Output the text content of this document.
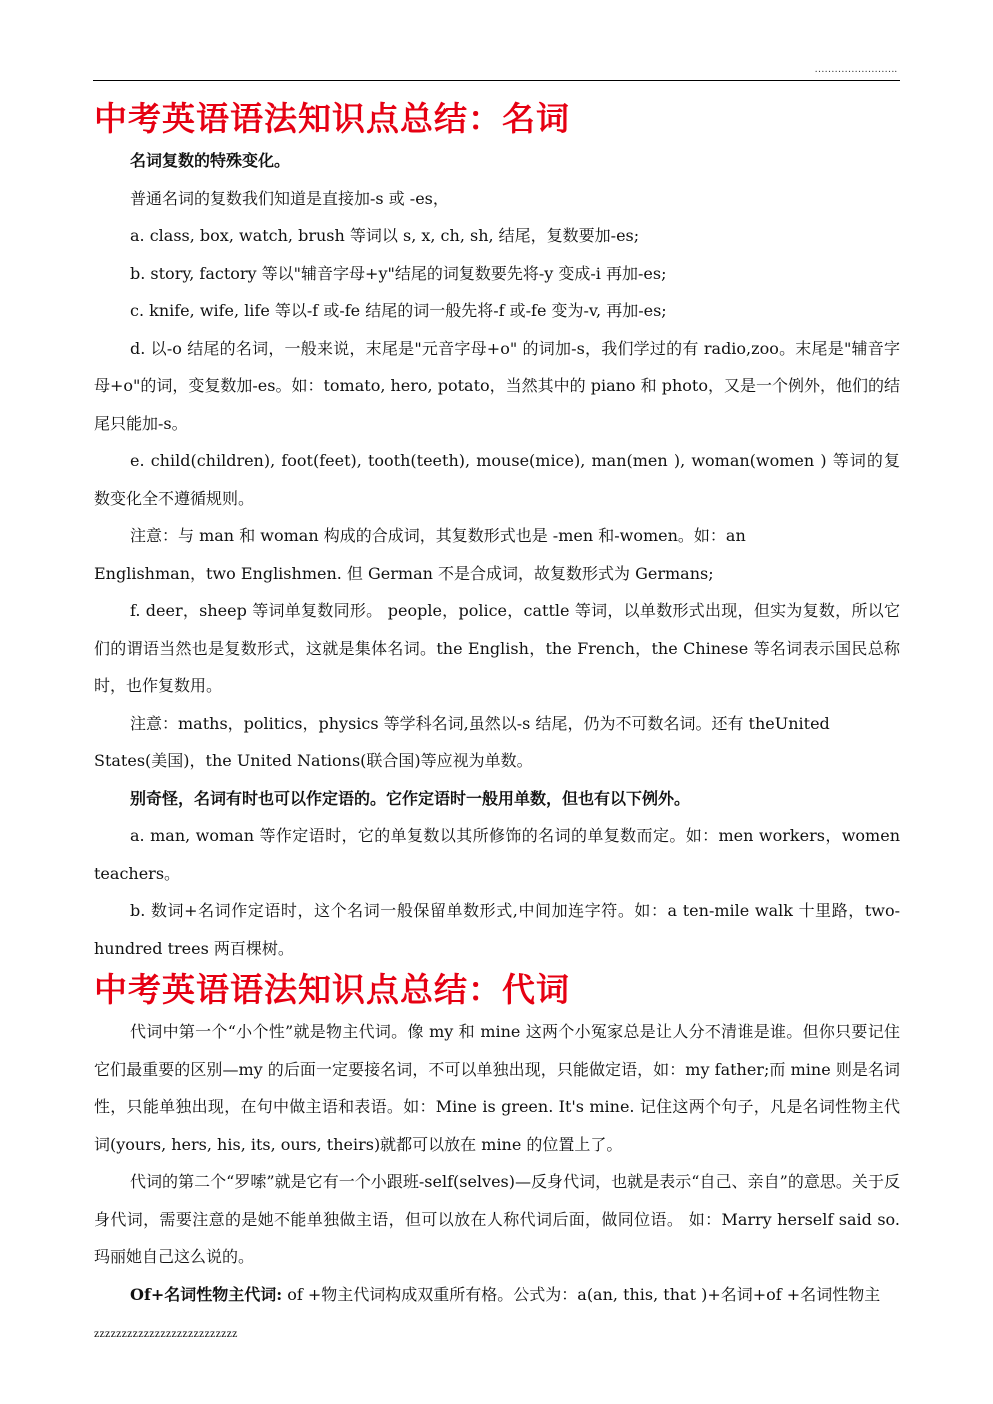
…………………….
中考英语语法知识点总结：名词

名词复数的特殊变化。

普通名词的复数我们知道是直接加-s 或 -es，

a. class, box, watch, brush 等词以 s, x, ch, sh, 结尾，复数要加-es;

b. story, factory 等以"辅音字母+y"结尾的词复数要先将-y 变成-i 再加-es;

c. knife, wife, life 等以-f 或-fe 结尾的词一般先将-f 或-fe 变为-v, 再加-es;

d. 以-o 结尾的名词，一般来说，末尾是"元音字母+o" 的词加-s，我们学过的有 radio,zoo。末尾是"辅音字母+o"的词，变复数加-es。如：tomato, hero, potato，当然其中的 piano 和 photo，又是一个例外，他们的结尾只能加-s。

e. child(children), foot(feet), tooth(teeth), mouse(mice), man(men ), woman(women ) 等词的复数变化全不遵循规则。

注意：与 man 和 woman 构成的合成词，其复数形式也是 -men 和-women。如：an

Englishman，two Englishmen. 但 German 不是合成词，故复数形式为 Germans;

f. deer，sheep 等词单复数同形。 people，police，cattle 等词，以单数形式出现，但实为复数，所以它们的谓语当然也是复数形式，这就是集体名词。the English，the French，the Chinese 等名词表示国民总称时，也作复数用。

注意：maths，politics，physics 等学科名词,虽然以-s 结尾，仍为不可数名词。还有 theUnited

States(美国)，the United Nations(联合国)等应视为单数。

别奇怪，名词有时也可以作定语的。它作定语时一般用单数，但也有以下例外。

a. man, woman 等作定语时，它的单复数以其所修饰的名词的单复数而定。如：men workers，women teachers。

b. 数词+名词作定语时，这个名词一般保留单数形式,中间加连字符。如：a ten-mile walk 十里路，two-hundred trees 两百棵树。

中考英语语法知识点总结：代词

代词中第一个“小个性”就是物主代词。像 my 和 mine 这两个小冤家总是让人分不清谁是谁。但你只要记住它们最重要的区别—my 的后面一定要接名词，不可以单独出现，只能做定语，如：my father;而 mine 则是名词性，只能单独出现，在句中做主语和表语。如：Mine is green. It's mine. 记住这两个句子，凡是名词性物主代词(yours, hers, his, its, ours, theirs)就都可以放在 mine 的位置上了。

代词的第二个“罗嗦”就是它有一个小跟班-self(selves)—反身代词，也就是表示“自己、亲自”的意思。关于反身代词，需要注意的是她不能单独做主语，但可以放在人称代词后面，做同位语。 如：Marry herself said so. 玛丽她自己这么说的。

Of+名词性物主代词: of +物主代词构成双重所有格。公式为：a(an, this, that )+名词+of +名词性物主

zzzzzzzzzzzzzzzzzzzzzzzzzz
